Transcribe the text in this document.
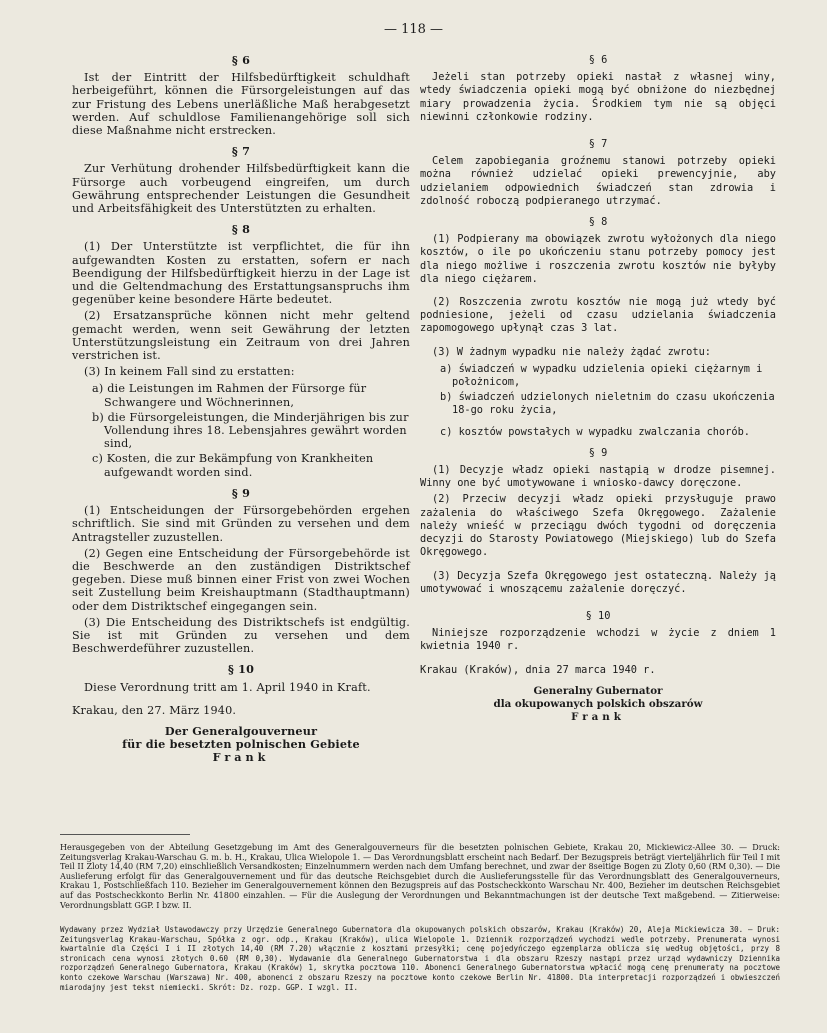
— 118 —
§ 6

Ist der Eintritt der Hilfsbedürftigkeit schuldhaft herbeigeführt, können die Fürsorgeleistungen auf das zur Fristung des Lebens unerläßliche Maß herabgesetzt werden. Auf schuldlose Familienangehörige soll sich diese Maßnahme nicht erstrecken.

§ 7

Zur Verhütung drohender Hilfsbedürftigkeit kann die Fürsorge auch vorbeugend eingreifen, um durch Gewährung entsprechender Leistungen die Gesundheit und Arbeitsfähigkeit des Unterstützten zu erhalten.

§ 8

(1) Der Unterstützte ist verpflichtet, die für ihn aufgewandten Kosten zu erstatten, sofern er nach Beendigung der Hilfsbedürftigkeit hierzu in der Lage ist und die Geltendmachung des Erstattungsanspruchs ihm gegenüber keine besondere Härte bedeutet.

(2) Ersatzansprüche können nicht mehr geltend gemacht werden, wenn seit Gewährung der letzten Unterstützungsleistung ein Zeitraum von drei Jahren verstrichen ist.

(3) In keinem Fall sind zu erstatten:

a) die Leistungen im Rahmen der Fürsorge für Schwangere und Wöchnerinnen,
b) die Fürsorgeleistungen, die Minderjährigen bis zur Vollendung ihres 18. Lebensjahres gewährt worden sind,
c) Kosten, die zur Bekämpfung von Krankheiten aufgewandt worden sind.
§ 9

(1) Entscheidungen der Fürsorgebehörden ergehen schriftlich. Sie sind mit Gründen zu versehen und dem Antragsteller zuzustellen.

(2) Gegen eine Entscheidung der Fürsorgebehörde ist die Beschwerde an den zuständigen Distriktschef gegeben. Diese muß binnen einer Frist von zwei Wochen seit Zustellung beim Kreishauptmann (Stadthauptmann) oder dem Distriktschef eingegangen sein.

(3) Die Entscheidung des Distriktschefs ist endgültig. Sie ist mit Gründen zu versehen und dem Beschwerdeführer zuzustellen.

§ 10

Diese Verordnung tritt am 1. April 1940 in Kraft.

Krakau, den 27. März 1940.

Der Generalgouverneur
für die besetzten polnischen Gebiete
Frank
§ 6

Jeżeli stan potrzeby opieki nastał z własnej winy, wtedy świadczenia opieki mogą być obniżone do niezbędnej miary prowadzenia życia. Środkiem tym nie są objęci niewinni członkowie rodziny.

§ 7

Celem zapobiegania groźnemu stanowi potrzeby opieki można również udzielać opieki prewencyjnie, aby udzielaniem odpowiednich świadczeń stan zdrowia i zdolność roboczą podpieranego utrzymać.

§ 8

(1) Podpierany ma obowiązek zwrotu wyłożonych dla niego kosztów, o ile po ukończeniu stanu potrzeby pomocy jest dla niego możliwe i roszczenia zwrotu kosztów nie byłyby dla niego ciężarem.

(2) Roszczenia zwrotu kosztów nie mogą już wtedy być podniesione, jeżeli od czasu udzielania świadczenia zapomogowego upłynął czas 3 lat.

(3) W żadnym wypadku nie należy żądać zwrotu:

a) świadczeń w wypadku udzielenia opieki ciężarnym i położnicom,
b) świadczeń udzielonych nieletnim do czasu ukończenia 18-go roku życia,
c) kosztów powstałych w wypadku zwalczania chorób.
§ 9

(1) Decyzje władz opieki nastąpią w drodze pisemnej. Winny one być umotywowane i wniosko-dawcy doręczone.

(2) Przeciw decyzji władz opieki przysługuje prawo zażalenia do właściwego Szefa Okręgowego. Zażalenie należy wnieść w przeciągu dwóch tygodni od doręczenia decyzji do Starosty Powiatowego (Miejskiego) lub do Szefa Okręgowego.

(3) Decyzja Szefa Okręgowego jest ostateczną. Należy ją umotywować i wnoszącemu zażalenie doręczyć.

§ 10

Niniejsze rozporządzenie wchodzi w życie z dniem 1 kwietnia 1940 r.

Krakau (Kraków), dnia 27 marca 1940 r.

Generalny Gubernator
dla okupowanych polskich obszarów
Frank
Herausgegeben von der Abteilung Gesetzgebung im Amt des Generalgouverneurs für die besetzten polnischen Gebiete, Krakau 20, Mickiewicz-Allee 30. — Druck: Zeitungsverlag Krakau-Warschau G. m. b. H., Krakau, Ulica Wielopole 1. — Das Verordnungsblatt erscheint nach Bedarf. Der Bezugspreis beträgt vierteljährlich für Teil I mit Teil II Zloty 14,40 (RM 7,20) einschließlich Versandkosten; Einzelnummern werden nach dem Umfang berechnet, und zwar der 8seitige Bogen zu Zloty 0,60 (RM 0,30). — Die Auslieferung erfolgt für das Generalgouvernement und für das deutsche Reichsgebiet durch die Auslieferungsstelle für das Verordnungsblatt des Generalgouverneurs, Krakau 1, Postschließfach 110. Bezieher im Generalgouvernement können den Bezugspreis auf das Postscheckkonto Warschau Nr. 400, Bezieher im deutschen Reichsgebiet auf das Postscheckkonto Berlin Nr. 41800 einzahlen. — Für die Auslegung der Verordnungen und Bekanntmachungen ist der deutsche Text maßgebend. — Zitierweise: Verordnungsblatt GGP. I bzw. II.
Wydawany przez Wydział Ustawodawczy przy Urzędzie Generalnego Gubernatora dla okupowanych polskich obszarów, Krakau (Kraków) 20, Aleja Mickiewicza 30. — Druk: Zeitungsverlag Krakau-Warschau, Spółka z ogr. odp., Krakau (Kraków), ulica Wielopole 1. Dziennik rozporządzeń wychodzi wedle potrzeby. Prenumerata wynosi kwartalnie dla Części I i II złotych 14,40 (RM 7.20) włącznie z kosztami przesyłki; cenę pojedyńczego egzemplarza oblicza się według objętości, przy 8 stronicach cena wynosi złotych 0.60 (RM 0,30). Wydawanie dla Generalnego Gubernatorstwa i dla obszaru Rzeszy nastąpi przez urząd wydawniczy Dziennika rozporządzeń Generalnego Gubernatora, Krakau (Kraków) 1, skrytka pocztowa 110. Abonenci Generalnego Gubernatorstwa wpłacić mogą cenę prenumeraty na pocztowe konto czekowe Warschau (Warszawa) Nr. 400, abonenci z obszaru Rzeszy na pocztowe konto czekowe Berlin Nr. 41800. Dla interpretacji rozporządzeń i obwieszczeń miarodajny jest tekst niemiecki. Skrót: Dz. rozp. GGP. I wzgl. II.
